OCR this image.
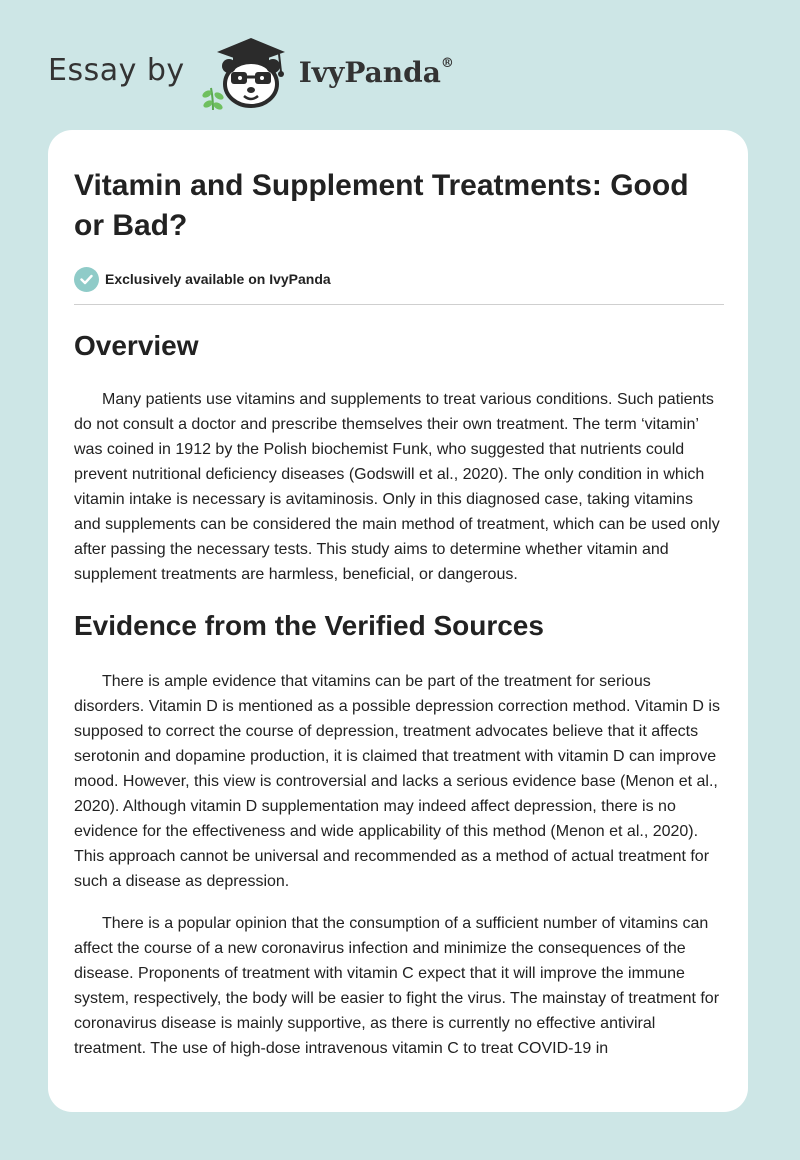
Essay by	IvyPanda®
Vitamin and Supplement Treatments: Good or Bad?
Exclusively available on IvyPanda
Overview

Many patients use vitamins and supplements to treat various conditions. Such patients do not consult a doctor and prescribe themselves their own treatment. The term ‘vitamin’ was coined in 1912 by the Polish biochemist Funk, who suggested that nutrients could prevent nutritional deficiency diseases (Godswill et al., 2020). The only condition in which vitamin intake is necessary is avitaminosis. Only in this diagnosed case, taking vitamins and supplements can be considered the main method of treatment, which can be used only after passing the necessary tests. This study aims to determine whether vitamin and supplement treatments are harmless, beneficial, or dangerous.

Evidence from the Verified Sources

There is ample evidence that vitamins can be part of the treatment for serious disorders. Vitamin D is mentioned as a possible depression correction method. Vitamin D is supposed to correct the course of depression, treatment advocates believe that it affects serotonin and dopamine production, it is claimed that treatment with vitamin D can improve mood. However, this view is controversial and lacks a serious evidence base (Menon et al., 2020). Although vitamin D supplementation may indeed affect depression, there is no evidence for the effectiveness and wide applicability of this method (Menon et al., 2020). This approach cannot be universal and recommended as a method of actual treatment for such a disease as depression.

There is a popular opinion that the consumption of a sufficient number of vitamins can affect the course of a new coronavirus infection and minimize the consequences of the disease. Proponents of treatment with vitamin C expect that it will improve the immune system, respectively, the body will be easier to fight the virus. The mainstay of treatment for coronavirus disease is mainly supportive, as there is currently no effective antiviral treatment. The use of high-dose intravenous vitamin C to treat COVID-19 in
